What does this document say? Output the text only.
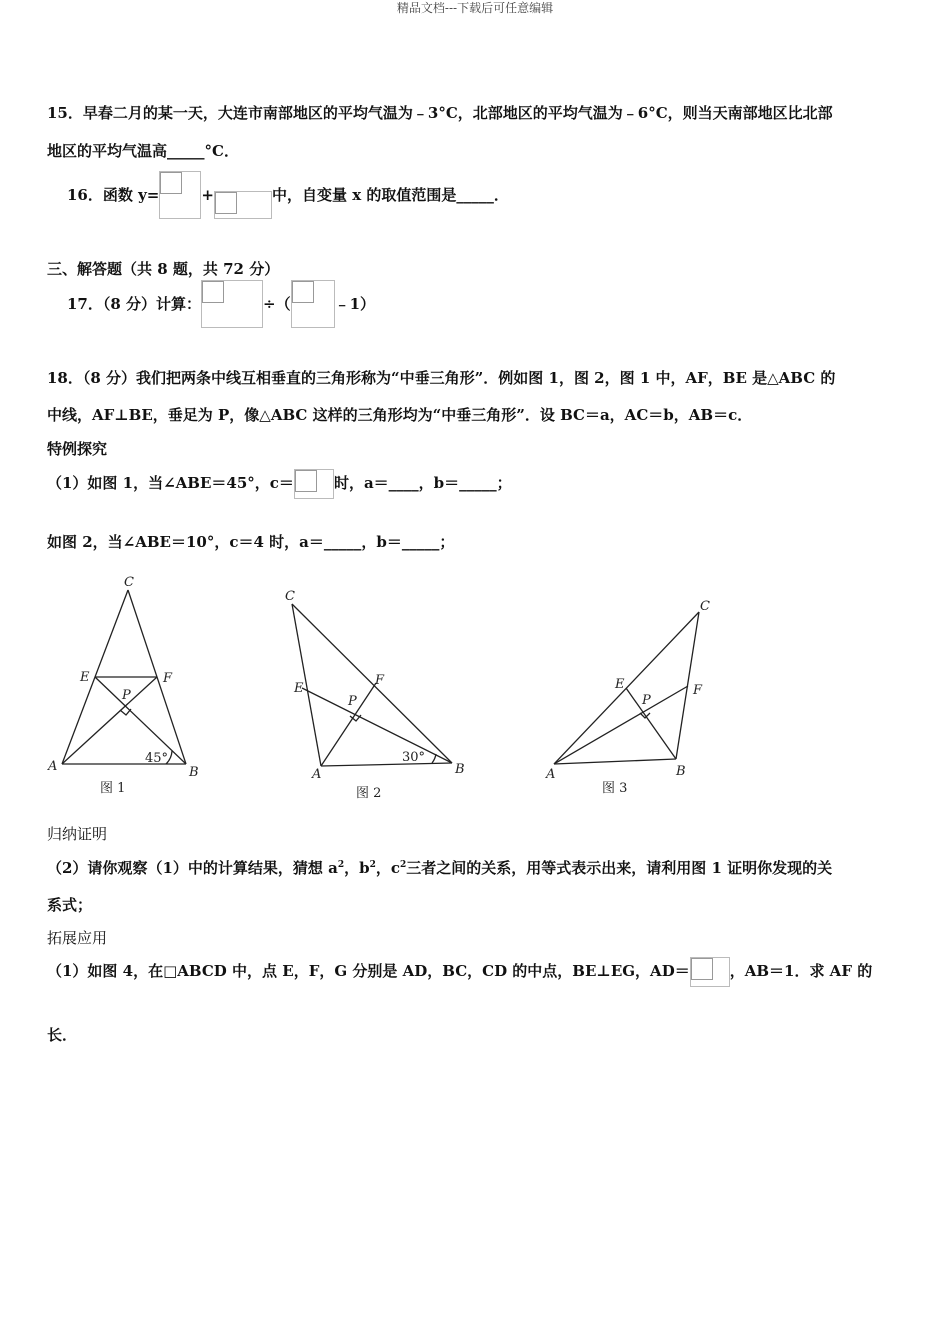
精品文档---下载后可任意编辑
15．早春二月的某一天，大连市南部地区的平均气温为﹣3°C，北部地区的平均气温为﹣6°C，则当天南部地区比北部
地区的平均气温高_____°C．
16．函数 y=	+	中，自变量 x 的取值范围是_____．
三、解答题（共 8 题，共 72 分）
17．（8 分）计算：	÷（	﹣1）
18．（8 分）我们把两条中线互相垂直的三角形称为“中垂三角形”．例如图 1，图 2，图 1 中，AF，BE 是△ABC 的
中线，AF⊥BE，垂足为 P，像△ABC 这样的三角形均为“中垂三角形”．设 BC＝a，AC＝b，AB＝c．
特例探究
（1）如图 1，当∠ABE＝45°，c＝	时，a＝____，b＝_____；
如图 2，当∠ABE＝10°，c＝4 时，a＝_____，b＝_____；
C
E	F
P
A	B
45°
图 1
C
E
F
P
A	B
30°
图 2
C
E	F
P
A	B
图 3
归纳证明
（2）请你观察（1）中的计算结果，猜想 $a^2$，$b^2$，$c^2$三者之间的关系，用等式表示出来，请利用图 1 证明你发现的关
系式；
拓展应用
（1）如图 4，在□ABCD 中，点 E，F，G 分别是 AD，BC，CD 的中点，BE⊥EG，AD＝	，AB＝1．求 AF 的
长．
